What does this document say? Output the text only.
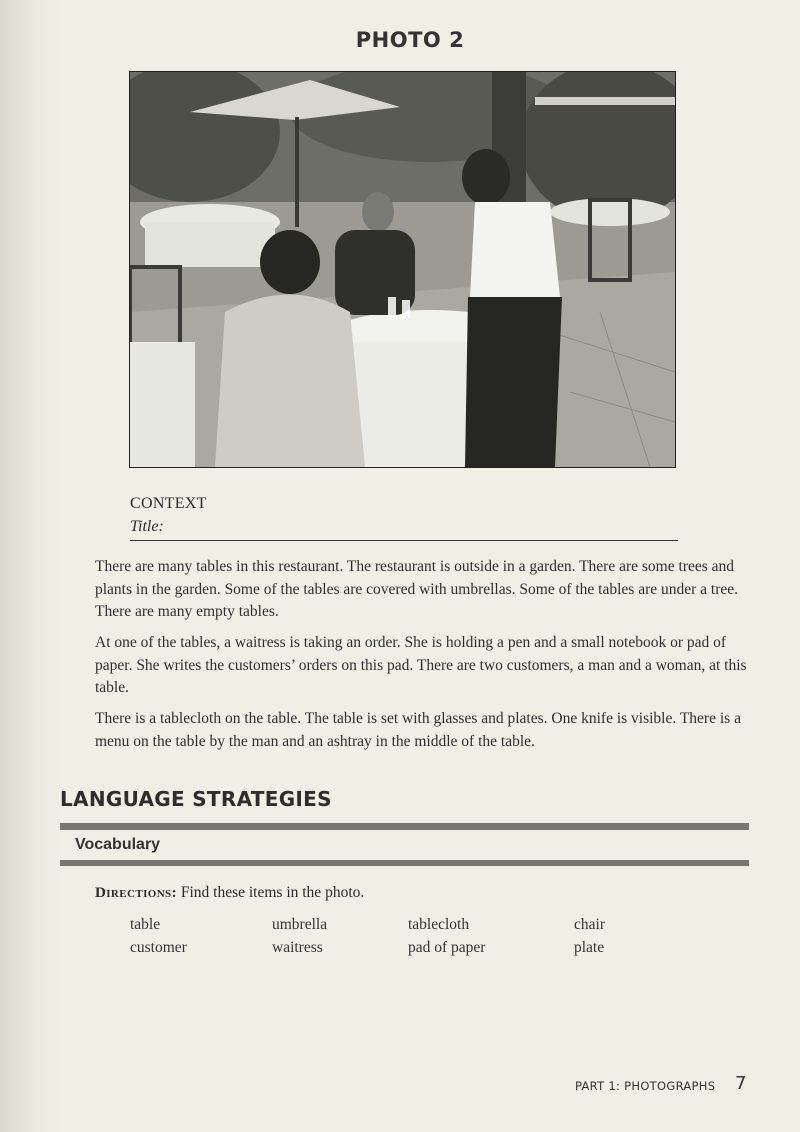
PHOTO 2
CONTEXT
Title:

There are many tables in this restaurant. The restaurant is outside in a garden. There are some trees and plants in the garden. Some of the tables are covered with umbrellas. Some of the tables are under a tree. There are many empty tables.

At one of the tables, a waitress is taking an order. She is holding a pen and a small notebook or pad of paper. She writes the customers’ orders on this pad. There are two customers, a man and a woman, at this table.

There is a tablecloth on the table. The table is set with glasses and plates. One knife is visible. There is a menu on the table by the man and an ashtray in the middle of the table.

LANGUAGE STRATEGIES
Vocabulary
Directions: Find these items in the photo.
table	umbrella	tablecloth	chair
customer	waitress	pad of paper	plate
PART 1: PHOTOGRAPHS 7
